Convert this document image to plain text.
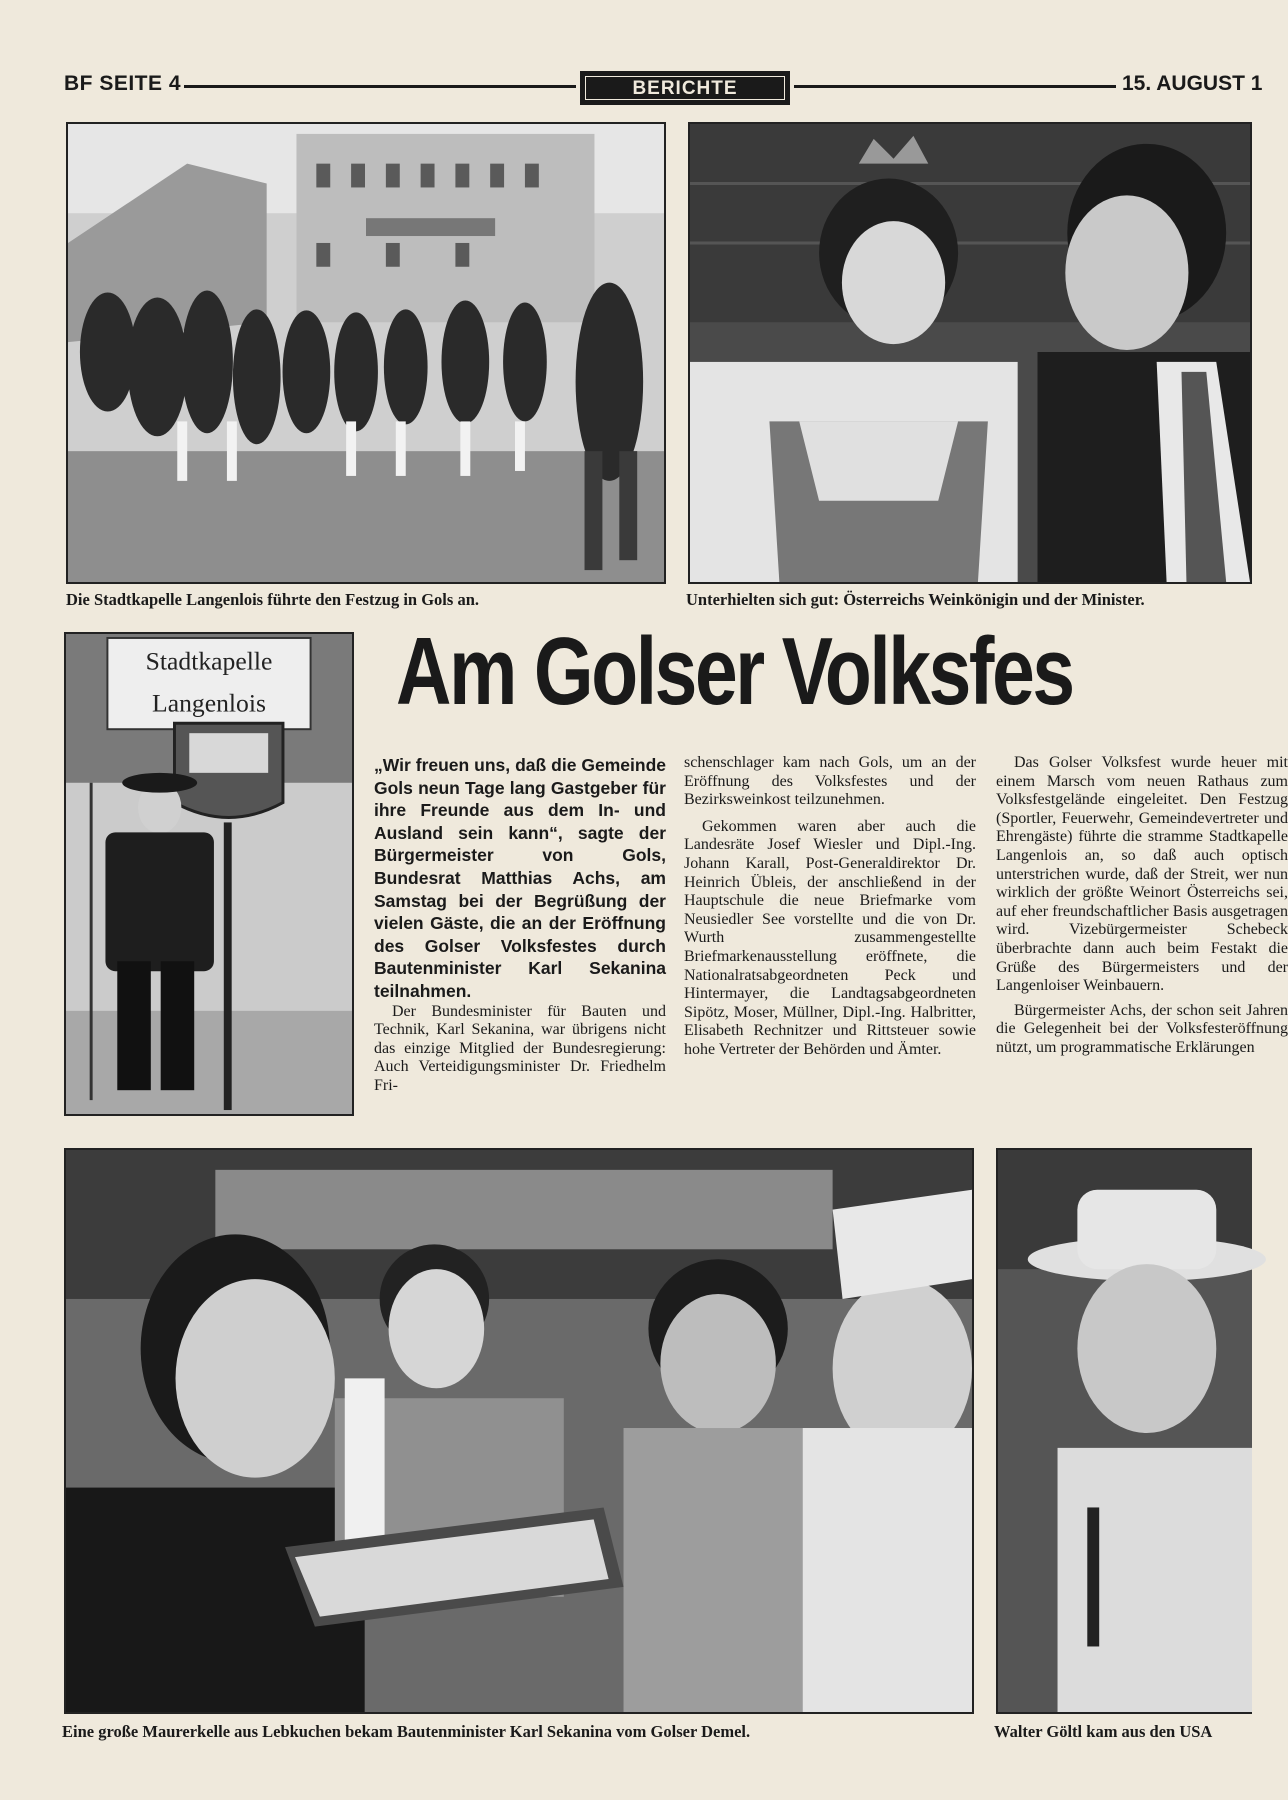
BF SEITE 4	BERICHTE	15. AUGUST 1
Die Stadtkapelle Langenlois führte den Festzug in Gols an.	Unterhielten sich gut: Österreichs Weinkönigin und der Minister.
Stadtkapelle
Langenlois Am Golser Volksfes

„Wir freuen uns, daß die Gemeinde Gols neun Tage lang Gastgeber für ihre Freunde aus dem In- und Ausland sein kann“, sagte der Bürgermeister von Gols, Bundesrat Matthias Achs, am Samstag bei der Begrüßung der vielen Gäste, die an der Eröffnung des Golser Volksfestes durch Bautenminister Karl Sekanina teilnahmen.

Der Bundesminister für Bauten und Technik, Karl Sekanina, war übrigens nicht das einzige Mitglied der Bundesregierung: Auch Verteidigungsminister Dr. Friedhelm Fri-

schenschlager kam nach Gols, um an der Eröffnung des Volksfestes und der Bezirksweinkost teilzunehmen.

Gekommen waren aber auch die Landesräte Josef Wiesler und Dipl.-Ing. Johann Karall, Post-Generaldirektor Dr. Heinrich Übleis, der anschließend in der Hauptschule die neue Briefmarke vom Neusiedler See vorstellte und die von Dr. Wurth zusammengestellte Briefmarkenausstellung eröffnete, die Nationalratsabgeordneten Peck und Hintermayer, die Landtagsabgeordneten Sipötz, Moser, Müllner, Dipl.-Ing. Halbritter, Elisabeth Rechnitzer und Rittsteuer sowie hohe Vertreter der Behörden und Ämter.

Das Golser Volksfest wurde heuer mit einem Marsch vom neuen Rathaus zum Volksfestgelände eingeleitet. Den Festzug (Sportler, Feuerwehr, Gemeindevertreter und Ehrengäste) führte die stramme Stadtkapelle Langenlois an, so daß auch optisch unterstrichen wurde, daß der Streit, wer nun wirklich der größte Weinort Österreichs sei, auf eher freundschaftlicher Basis ausgetragen wird. Vizebürgermeister Schebeck überbrachte dann auch beim Festakt die Grüße des Bürgermeisters und der Langenloiser Weinbauern.

Bürgermeister Achs, der schon seit Jahren die Gelegenheit bei der Volksfesteröffnung nützt, um programmatische Erklärungen

Eine große Maurerkelle aus Lebkuchen bekam Bautenminister Karl Sekanina vom Golser Demel.	Walter Göltl kam aus den USA
